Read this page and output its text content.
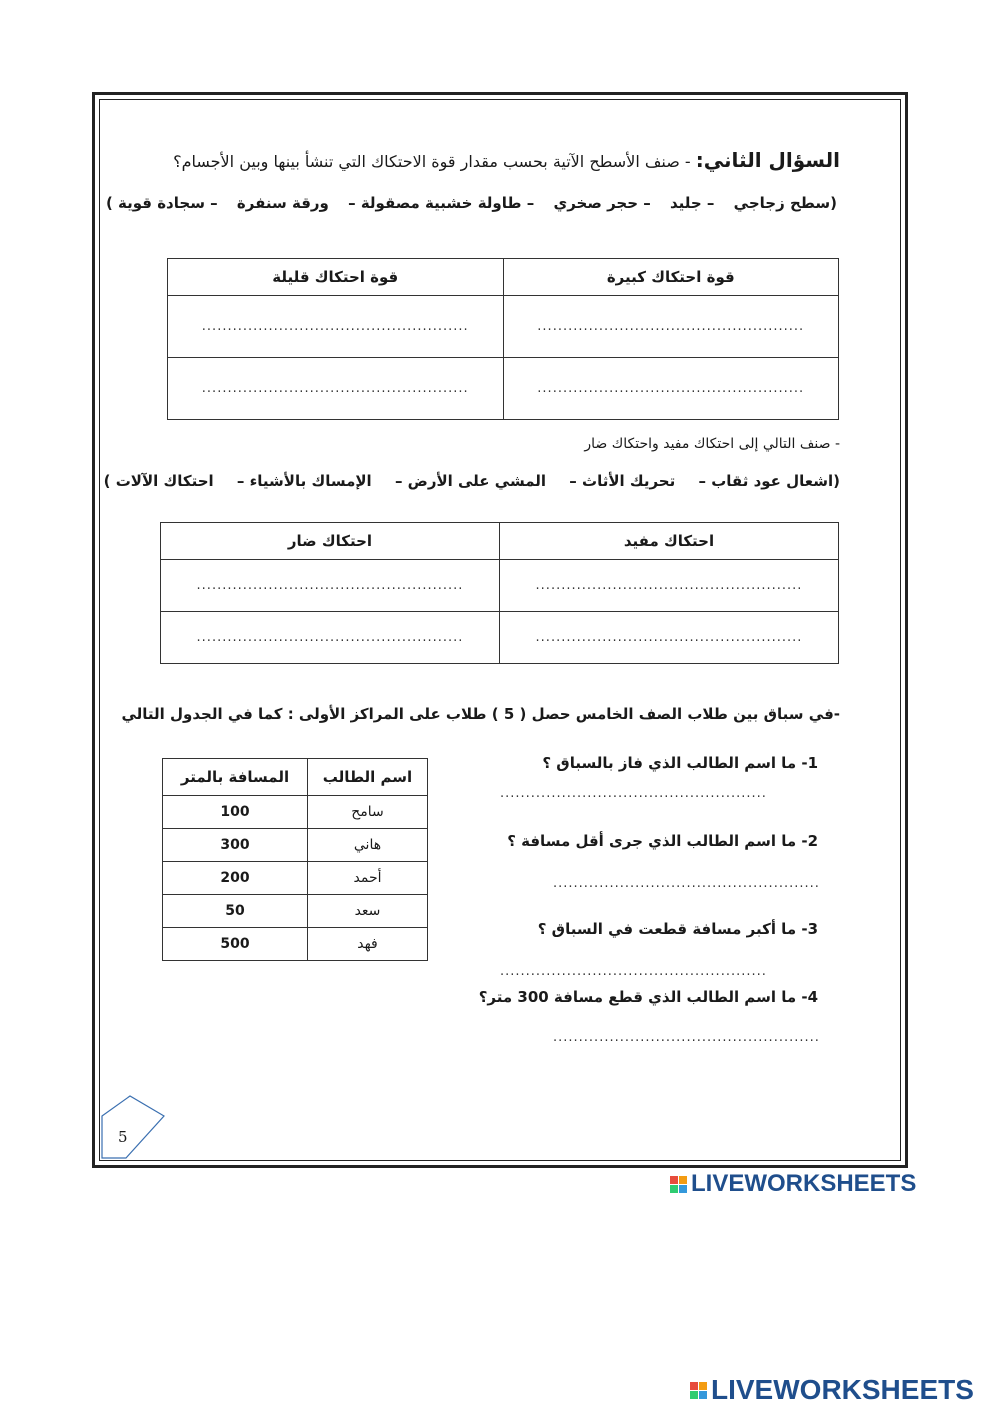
السؤال الثاني: - صنف الأسطح الآتية بحسب مقدار قوة الاحتكاك التي تنشأ بينها وبين الأجسام؟
(سطح زجاجي – جليد – حجر صخري – طاولة خشبية مصقولة – ورقة سنفرة – سجادة قوية )
قوة احتكاك كبيرة	قوة احتكاك قليلة
....................................................	....................................................
....................................................	....................................................
- صنف التالي إلى احتكاك مفيد واحتكاك ضار
(اشعال عود ثقاب – تحريك الأثاث – المشي على الأرض – الإمساك بالأشياء – احتكاك الآلات )
احتكاك مفيد	احتكاك ضار
....................................................	....................................................
....................................................	....................................................
-في سباق بين طلاب الصف الخامس حصل ( 5 ) طلاب على المراكز الأولى : كما في الجدول التالي
اسم الطالب	المسافة بالمتر
سامح	100
هاني	300
أحمد	200
سعد	50
فهد	500
1- ما اسم الطالب الذي فاز بالسباق ؟
....................................................
2- ما اسم الطالب الذي جرى أقل مسافة ؟
....................................................
3- ما أكبر مسافة قطعت في السباق ؟
....................................................
4- ما اسم الطالب الذي قطع مسافة 300 متر؟
....................................................
5
LIVEWORKSHEETS
LIVEWORKSHEETS
